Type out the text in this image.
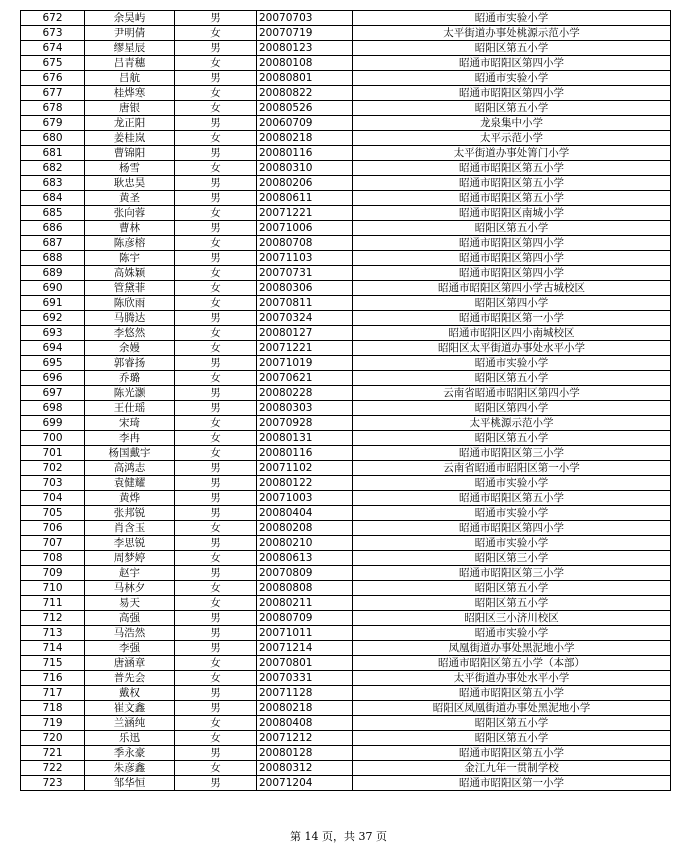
672	余昊屿	男	20070703	昭通市实验小学
673	尹明倩	女	20070719	太平街道办事处桃源示范小学
674	缪星辰	男	20080123	昭阳区第五小学
675	吕青穗	女	20080108	昭通市昭阳区第四小学
676	吕航	男	20080801	昭通市实验小学
677	桂烨寒	女	20080822	昭通市昭阳区第四小学
678	唐银	女	20080526	昭阳区第五小学
679	龙正阳	男	20060709	龙泉集中小学
680	姜桂岚	女	20080218	太平示范小学
681	曹锦阳	男	20080116	太平街道办事处箐门小学
682	杨雪	女	20080310	昭通市昭阳区第五小学
683	耿忠昊	男	20080206	昭通市昭阳区第五小学
684	黄圣	男	20080611	昭通市昭阳区第五小学
685	张向蓉	女	20071221	昭通市昭阳区南城小学
686	曹林	男	20071006	昭阳区第五小学
687	陈彦榕	女	20080708	昭通市昭阳区第四小学
688	陈宇	男	20071103	昭通市昭阳区第四小学
689	高姝颖	女	20070731	昭通市昭阳区第四小学
690	管黛菲	女	20080306	昭通市昭阳区第四小学古城校区
691	陈欣雨	女	20070811	昭阳区第四小学
692	马腾达	男	20070324	昭通市昭阳区第一小学
693	李悠然	女	20080127	昭通市昭阳区四小南城校区
694	余嫚	女	20071221	昭阳区太平街道办事处水平小学
695	郭睿扬	男	20071019	昭通市实验小学
696	乔璐	女	20070621	昭阳区第五小学
697	陈光灏	男	20080228	云南省昭通市昭阳区第四小学
698	王仕瑶	男	20080303	昭阳区第四小学
699	宋琦	女	20070928	太平桃源示范小学
700	李冉	女	20080131	昭阳区第五小学
701	杨国戴宇	女	20080116	昭通市昭阳区第三小学
702	高鸿志	男	20071102	云南省昭通市昭阳区第一小学
703	袁健耀	男	20080122	昭通市实验小学
704	黄烨	男	20071003	昭通市昭阳区第五小学
705	张邦锐	男	20080404	昭通市实验小学
706	肖含玉	女	20080208	昭通市昭阳区第四小学
707	李思锐	男	20080210	昭通市实验小学
708	周梦婷	女	20080613	昭阳区第三小学
709	赵宇	男	20070809	昭通市昭阳区第三小学
710	马林夕	女	20080808	昭阳区第五小学
711	易天	女	20080211	昭阳区第五小学
712	高强	男	20080709	昭阳区三小济川校区
713	马浩然	男	20071011	昭通市实验小学
714	李强	男	20071214	凤凰街道办事处黑泥地小学
715	唐涵章	女	20070801	昭通市昭阳区第五小学（本部）
716	普先会	女	20070331	太平街道办事处水平小学
717	戴权	男	20071128	昭通市昭阳区第五小学
718	崔文鑫	男	20080218	昭阳区凤凰街道办事处黑泥地小学
719	兰涵纯	女	20080408	昭阳区第五小学
720	乐迅	女	20071212	昭阳区第五小学
721	季永豪	男	20080128	昭通市昭阳区第五小学
722	朱彦鑫	女	20080312	金江九年一贯制学校
723	邹华恒	男	20071204	昭通市昭阳区第一小学
第 14 页，共 37 页
